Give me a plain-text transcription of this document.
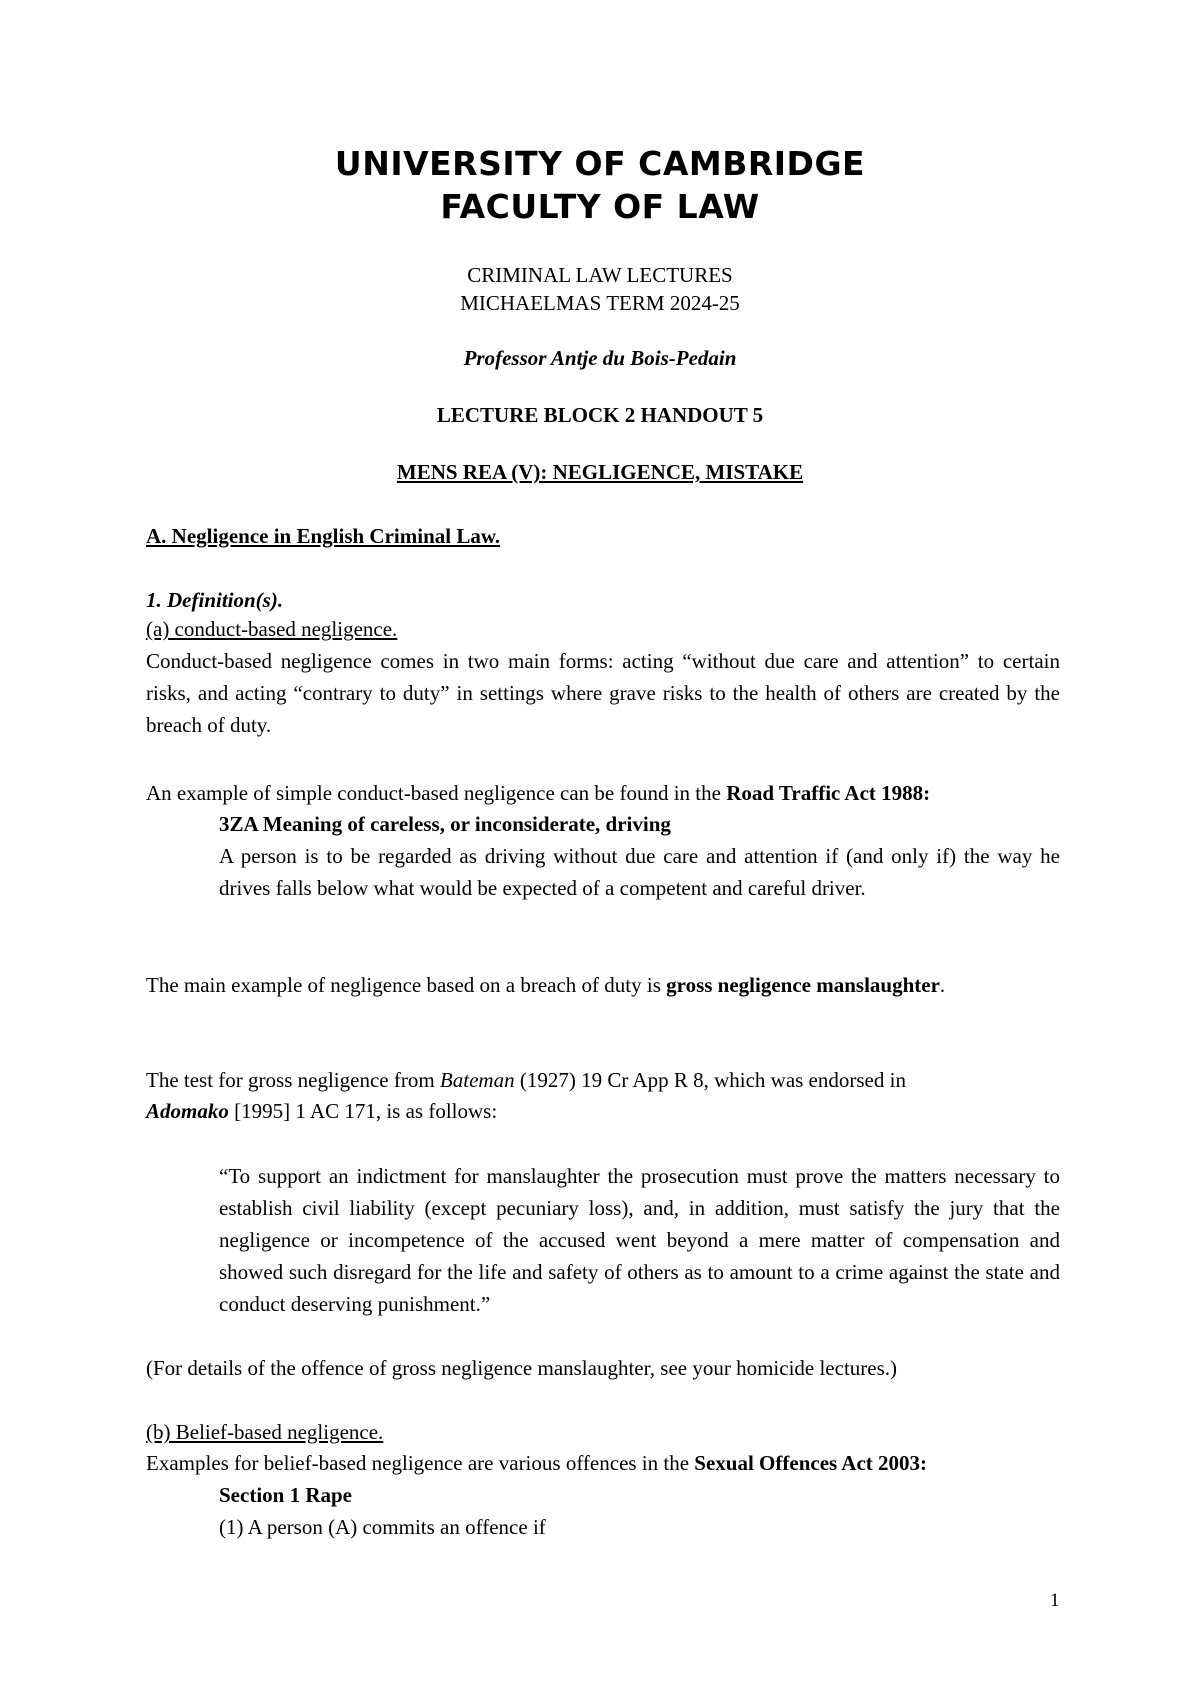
UNIVERSITY OF CAMBRIDGE
FACULTY OF LAW
CRIMINAL LAW LECTURES
MICHAELMAS TERM 2024-25
Professor Antje du Bois-Pedain
LECTURE BLOCK 2 HANDOUT 5
MENS REA (V): NEGLIGENCE, MISTAKE
A. Negligence in English Criminal Law.
1. Definition(s).
(a) conduct-based negligence.
Conduct-based negligence comes in two main forms: acting “without due care and attention” to certain risks, and acting “contrary to duty” in settings where grave risks to the health of others are created by the breach of duty.
An example of simple conduct-based negligence can be found in the Road Traffic Act 1988:
3ZA Meaning of careless, or inconsiderate, driving
A person is to be regarded as driving without due care and attention if (and only if) the way he drives falls below what would be expected of a competent and careful driver.
The main example of negligence based on a breach of duty is gross negligence manslaughter.
The test for gross negligence from Bateman (1927) 19 Cr App R 8, which was endorsed in
Adomako [1995] 1 AC 171, is as follows:
“To support an indictment for manslaughter the prosecution must prove the matters necessary to establish civil liability (except pecuniary loss), and, in addition, must satisfy the jury that the negligence or incompetence of the accused went beyond a mere matter of compensation and showed such disregard for the life and safety of others as to amount to a crime against the state and conduct deserving punishment.”
(For details of the offence of gross negligence manslaughter, see your homicide lectures.)
(b) Belief-based negligence.
Examples for belief-based negligence are various offences in the Sexual Offences Act 2003:
Section 1 Rape
(1) A person (A) commits an offence if
1
